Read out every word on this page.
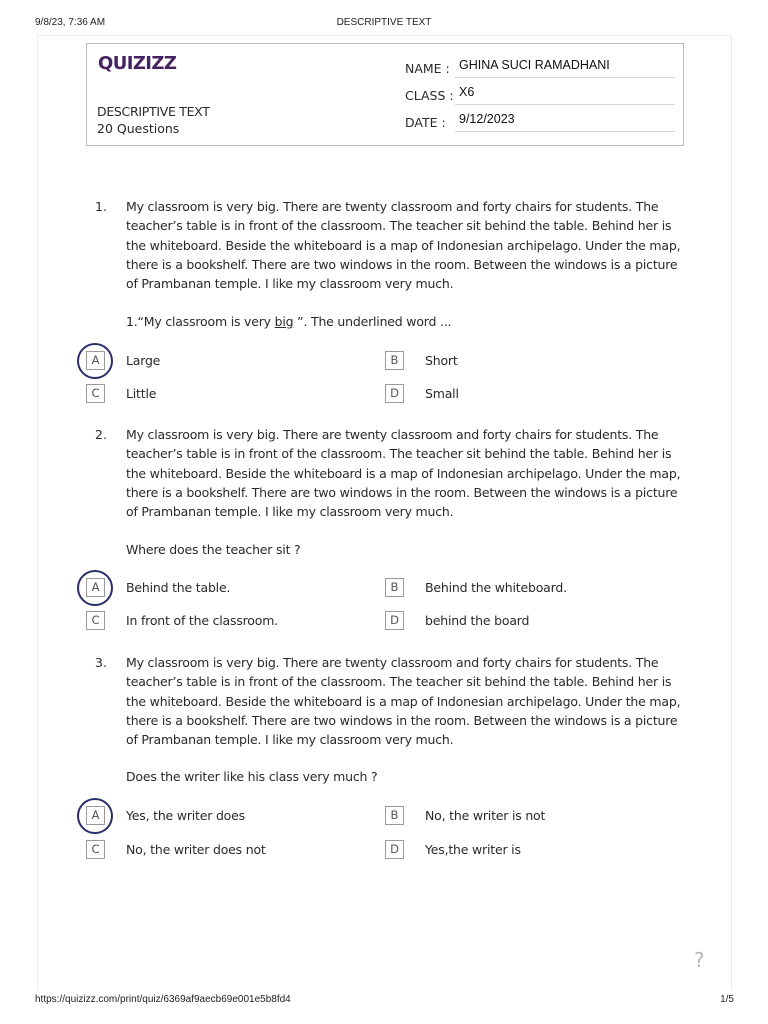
9/8/23, 7:36 AM	DESCRIPTIVE TEXT
QUIZIZZ
DESCRIPTIVE TEXT
20 Questions
NAME : GHINA SUCI RAMADHANI
CLASS : X6
DATE :	9/12/2023
1. My classroom is very big. There are twenty classroom and forty chairs for students. The teacher’s table is in front of the classroom. The teacher sit behind the table. Behind her is the whiteboard. Beside the whiteboard is a map of Indonesian archipelago. Under the map, there is a bookshelf. There are two windows in the room. Between the windows is a picture of Prambanan temple. I like my classroom very much.
1.“My classroom is very big ”. The underlined word ...
A	Large	B	Short
C	Little	D	Small
2. My classroom is very big. There are twenty classroom and forty chairs for students. The teacher’s table is in front of the classroom. The teacher sit behind the table. Behind her is the whiteboard. Beside the whiteboard is a map of Indonesian archipelago. Under the map, there is a bookshelf. There are two windows in the room. Between the windows is a picture of Prambanan temple. I like my classroom very much.
Where does the teacher sit ?
A	Behind the table.	B	Behind the whiteboard.
C	In front of the classroom.	D	behind the board
3. My classroom is very big. There are twenty classroom and forty chairs for students. The teacher’s table is in front of the classroom. The teacher sit behind the table. Behind her is the whiteboard. Beside the whiteboard is a map of Indonesian archipelago. Under the map, there is a bookshelf. There are two windows in the room. Between the windows is a picture of Prambanan temple. I like my classroom very much.
Does the writer like his class very much ?
A	Yes, the writer does	B	No, the writer is not
C	No, the writer does not	D	Yes,the writer is
?
https://quizizz.com/print/quiz/6369af9aecb69e001e5b8fd4	1/5
